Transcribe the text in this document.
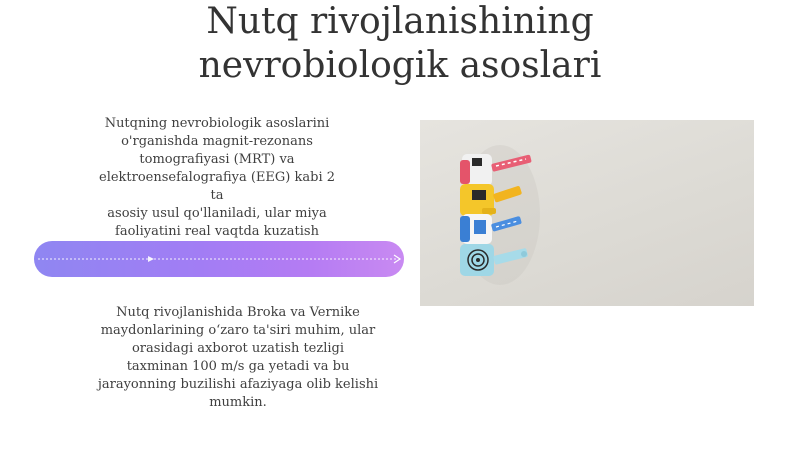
Nutq rivojlanishining
nevrobiologik asoslari

Nutqning nevrobiologik asoslarini
o'rganishda magnit-rezonans
tomografiyasi (MRT) va
elektroensefalografiya (EEG) kabi 2 ta
asosiy usul qo'llaniladi, ular miya
faoliyatini real vaqtda kuzatish

Nutq rivojlanishida Broka va Vernike
maydonlarining o‘zaro ta'siri muhim, ular
orasidagi axborot uzatish tezligi
taxminan 100 m/s ga yetadi va bu
jarayonning buzilishi afaziyaga olib kelishi
mumkin.
